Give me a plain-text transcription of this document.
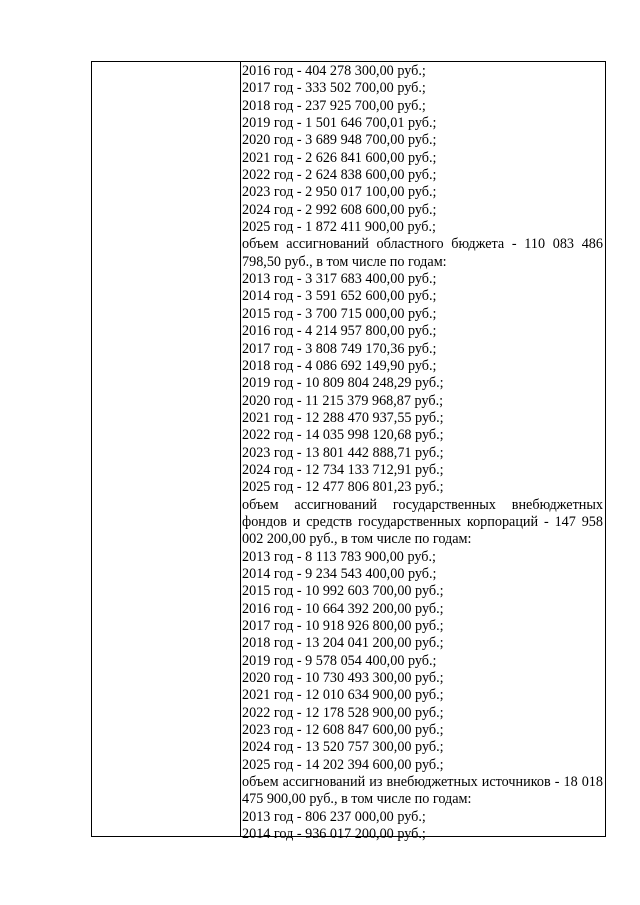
2016 год - 404 278 300,00 руб.;
2017 год - 333 502 700,00 руб.;
2018 год - 237 925 700,00 руб.;
2019 год - 1 501 646 700,01 руб.;
2020 год - 3 689 948 700,00 руб.;
2021 год - 2 626 841 600,00 руб.;
2022 год - 2 624 838 600,00 руб.;
2023 год - 2 950 017 100,00 руб.;
2024 год - 2 992 608 600,00 руб.;
2025 год - 1 872 411 900,00 руб.;
объем ассигнований областного бюджета - 110 083 486 798,50 руб., в том числе по годам:
2013 год - 3 317 683 400,00 руб.;
2014 год - 3 591 652 600,00 руб.;
2015 год - 3 700 715 000,00 руб.;
2016 год - 4 214 957 800,00 руб.;
2017 год - 3 808 749 170,36 руб.;
2018 год - 4 086 692 149,90 руб.;
2019 год - 10 809 804 248,29 руб.;
2020 год - 11 215 379 968,87 руб.;
2021 год - 12 288 470 937,55 руб.;
2022 год - 14 035 998 120,68 руб.;
2023 год - 13 801 442 888,71 руб.;
2024 год - 12 734 133 712,91 руб.;
2025 год - 12 477 806 801,23 руб.;
объем ассигнований государственных внебюджетных фондов и средств государственных корпораций - 147 958 002 200,00 руб., в том числе по годам:
2013 год - 8 113 783 900,00 руб.;
2014 год - 9 234 543 400,00 руб.;
2015 год - 10 992 603 700,00 руб.;
2016 год - 10 664 392 200,00 руб.;
2017 год - 10 918 926 800,00 руб.;
2018 год - 13 204 041 200,00 руб.;
2019 год - 9 578 054 400,00 руб.;
2020 год - 10 730 493 300,00 руб.;
2021 год - 12 010 634 900,00 руб.;
2022 год - 12 178 528 900,00 руб.;
2023 год - 12 608 847 600,00 руб.;
2024 год - 13 520 757 300,00 руб.;
2025 год - 14 202 394 600,00 руб.;
объем ассигнований из внебюджетных источников - 18 018 475 900,00 руб., в том числе по годам:
2013 год - 806 237 000,00 руб.;
2014 год - 936 017 200,00 руб.;
